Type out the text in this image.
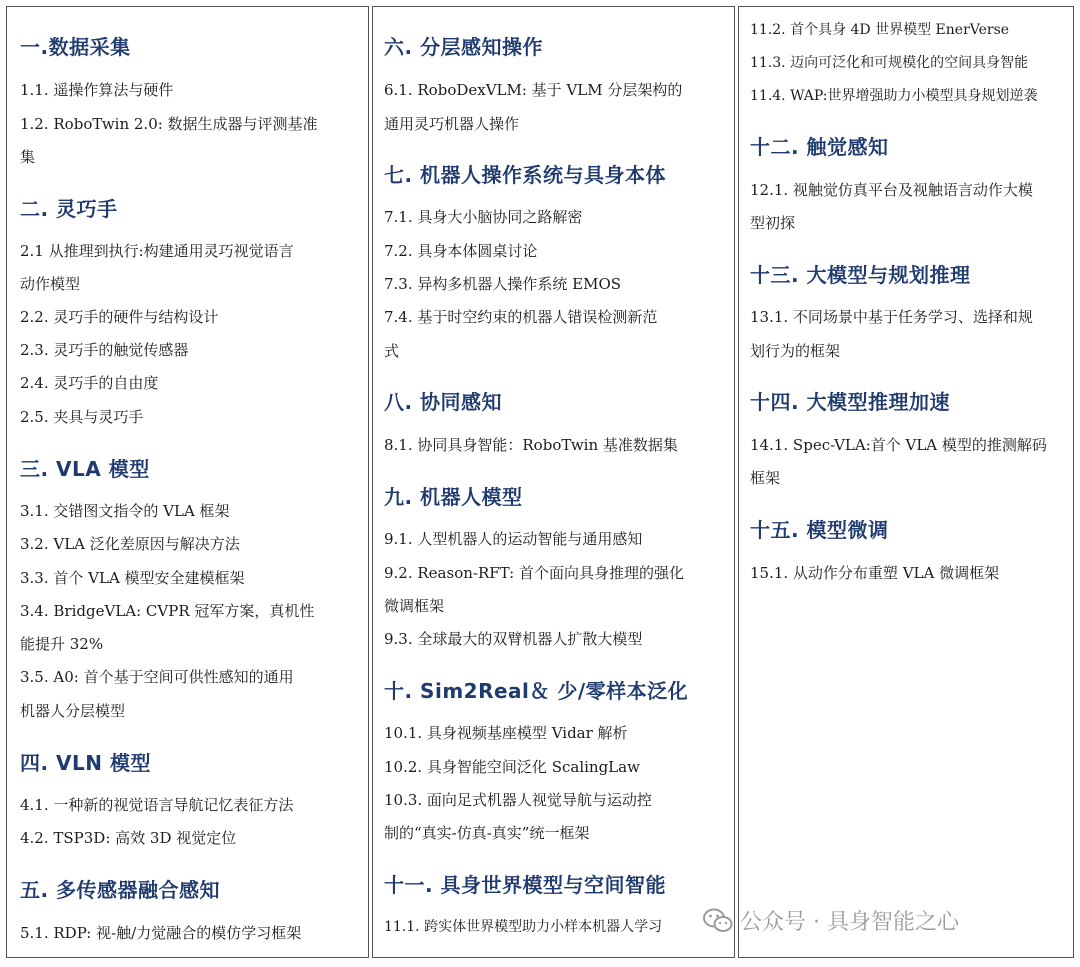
一.数据采集
1.1. 遥操作算法与硬件
1.2. RoboTwin 2.0: 数据生成器与评测基准
集
二. 灵巧手
2.1 从推理到执行:构建通用灵巧视觉语言
动作模型
2.2. 灵巧手的硬件与结构设计
2.3. 灵巧手的触觉传感器
2.4. 灵巧手的自由度
2.5. 夹具与灵巧手
三. VLA 模型
3.1. 交错图文指令的 VLA 框架
3.2. VLA 泛化差原因与解决方法
3.3. 首个 VLA 模型安全建模框架
3.4. BridgeVLA: CVPR 冠军方案，真机性
能提升 32%
3.5. A0: 首个基于空间可供性感知的通用
机器人分层模型
四. VLN 模型
4.1. 一种新的视觉语言导航记忆表征方法
4.2. TSP3D: 高效 3D 视觉定位
五. 多传感器融合感知
5.1. RDP: 视-触/力觉融合的模仿学习框架
六. 分层感知操作
6.1. RoboDexVLM: 基于 VLM 分层架构的
通用灵巧机器人操作
七. 机器人操作系统与具身本体
7.1. 具身大小脑协同之路解密
7.2. 具身本体圆桌讨论
7.3. 异构多机器人操作系统 EMOS
7.4. 基于时空约束的机器人错误检测新范
式
八. 协同感知
8.1. 协同具身智能：RoboTwin 基准数据集
九. 机器人模型
9.1. 人型机器人的运动智能与通用感知
9.2. Reason-RFT: 首个面向具身推理的强化
微调框架
9.3. 全球最大的双臂机器人扩散大模型
十. Sim2Real＆ 少/零样本泛化
10.1. 具身视频基座模型 Vidar 解析
10.2. 具身智能空间泛化 ScalingLaw
10.3. 面向足式机器人视觉导航与运动控
制的“真实-仿真-真实”统一框架
十一. 具身世界模型与空间智能
11.1. 跨实体世界模型助力小样本机器人学习
11.2. 首个具身 4D 世界模型 EnerVerse
11.3. 迈向可泛化和可规模化的空间具身智能
11.4. WAP:世界增强助力小模型具身规划逆袭
十二. 触觉感知
12.1. 视触觉仿真平台及视触语言动作大模
型初探
十三. 大模型与规划推理
13.1. 不同场景中基于任务学习、选择和规
划行为的框架
十四. 大模型推理加速
14.1. Spec-VLA:首个 VLA 模型的推测解码
框架
十五. 模型微调
15.1. 从动作分布重塑 VLA 微调框架
公众号 · 具身智能之心
